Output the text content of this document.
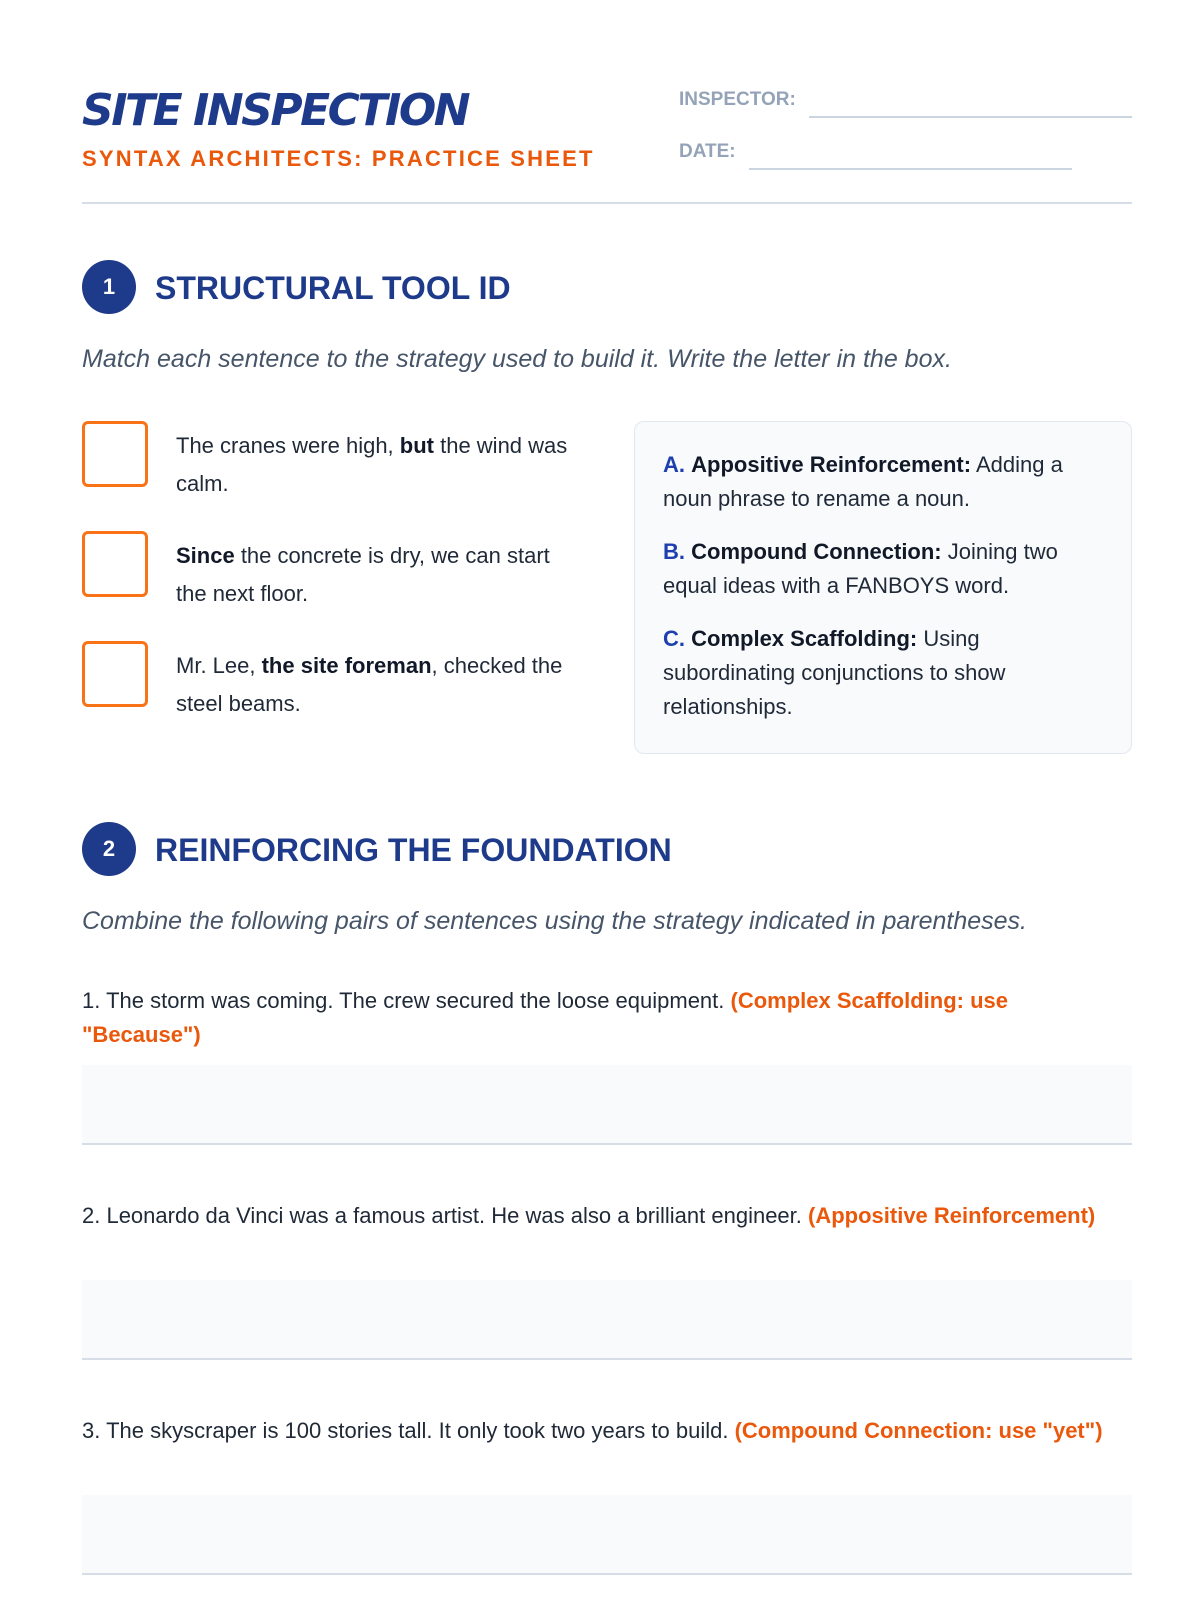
SITE INSPECTION
SYNTAX ARCHITECTS: PRACTICE SHEET
INSPECTOR:
DATE:
1	STRUCTURAL TOOL ID
Match each sentence to the strategy used to build it. Write the letter in the box.
The cranes were high, but the wind was calm.
Since the concrete is dry, we can start the next floor.
Mr. Lee, the site foreman, checked the steel beams.
A. Appositive Reinforcement: Adding a noun phrase to rename a noun.
B. Compound Connection: Joining two equal ideas with a FANBOYS word.
C. Complex Scaffolding: Using subordinating conjunctions to show relationships.
2	REINFORCING THE FOUNDATION
Combine the following pairs of sentences using the strategy indicated in parentheses.
1. The storm was coming. The crew secured the loose equipment. (Complex Scaffolding: use "Because")
2. Leonardo da Vinci was a famous artist. He was also a brilliant engineer. (Appositive Reinforcement)
3. The skyscraper is 100 stories tall. It only took two years to build. (Compound Connection: use "yet")
